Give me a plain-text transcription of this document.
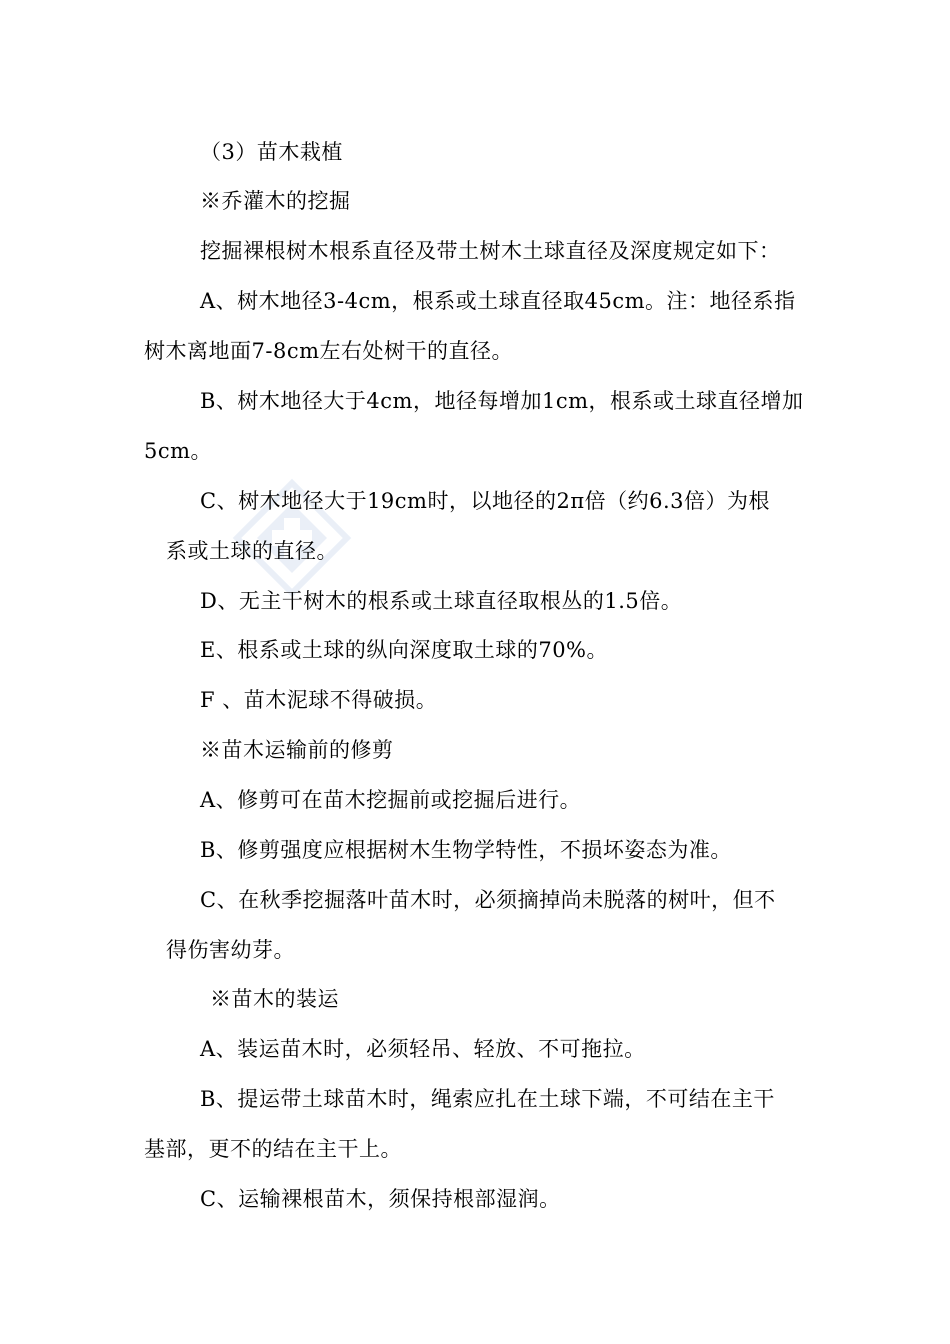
（3）苗木栽植
※乔灌木的挖掘
挖掘裸根树木根系直径及带土树木土球直径及深度规定如下：
A、树木地径3-4cm，根系或土球直径取45cm。注：地径系指
树木离地面7-8cm左右处树干的直径。
B、树木地径大于4cm，地径每增加1cm，根系或土球直径增加
5cm。
C、树木地径大于19cm时，以地径的2π倍（约6.3倍）为根
系或土球的直径。
D、无主干树木的根系或土球直径取根丛的1.5倍。
E、根系或土球的纵向深度取土球的70%。
F 、苗木泥球不得破损。
※苗木运输前的修剪
A、修剪可在苗木挖掘前或挖掘后进行。
B、修剪强度应根据树木生物学特性，不损坏姿态为准。
C、在秋季挖掘落叶苗木时，必须摘掉尚未脱落的树叶，但不
得伤害幼芽。
※苗木的装运
A、装运苗木时，必须轻吊、轻放、不可拖拉。
B、提运带土球苗木时，绳索应扎在土球下端，不可结在主干
基部，更不的结在主干上。
C、运输裸根苗木，须保持根部湿润。
